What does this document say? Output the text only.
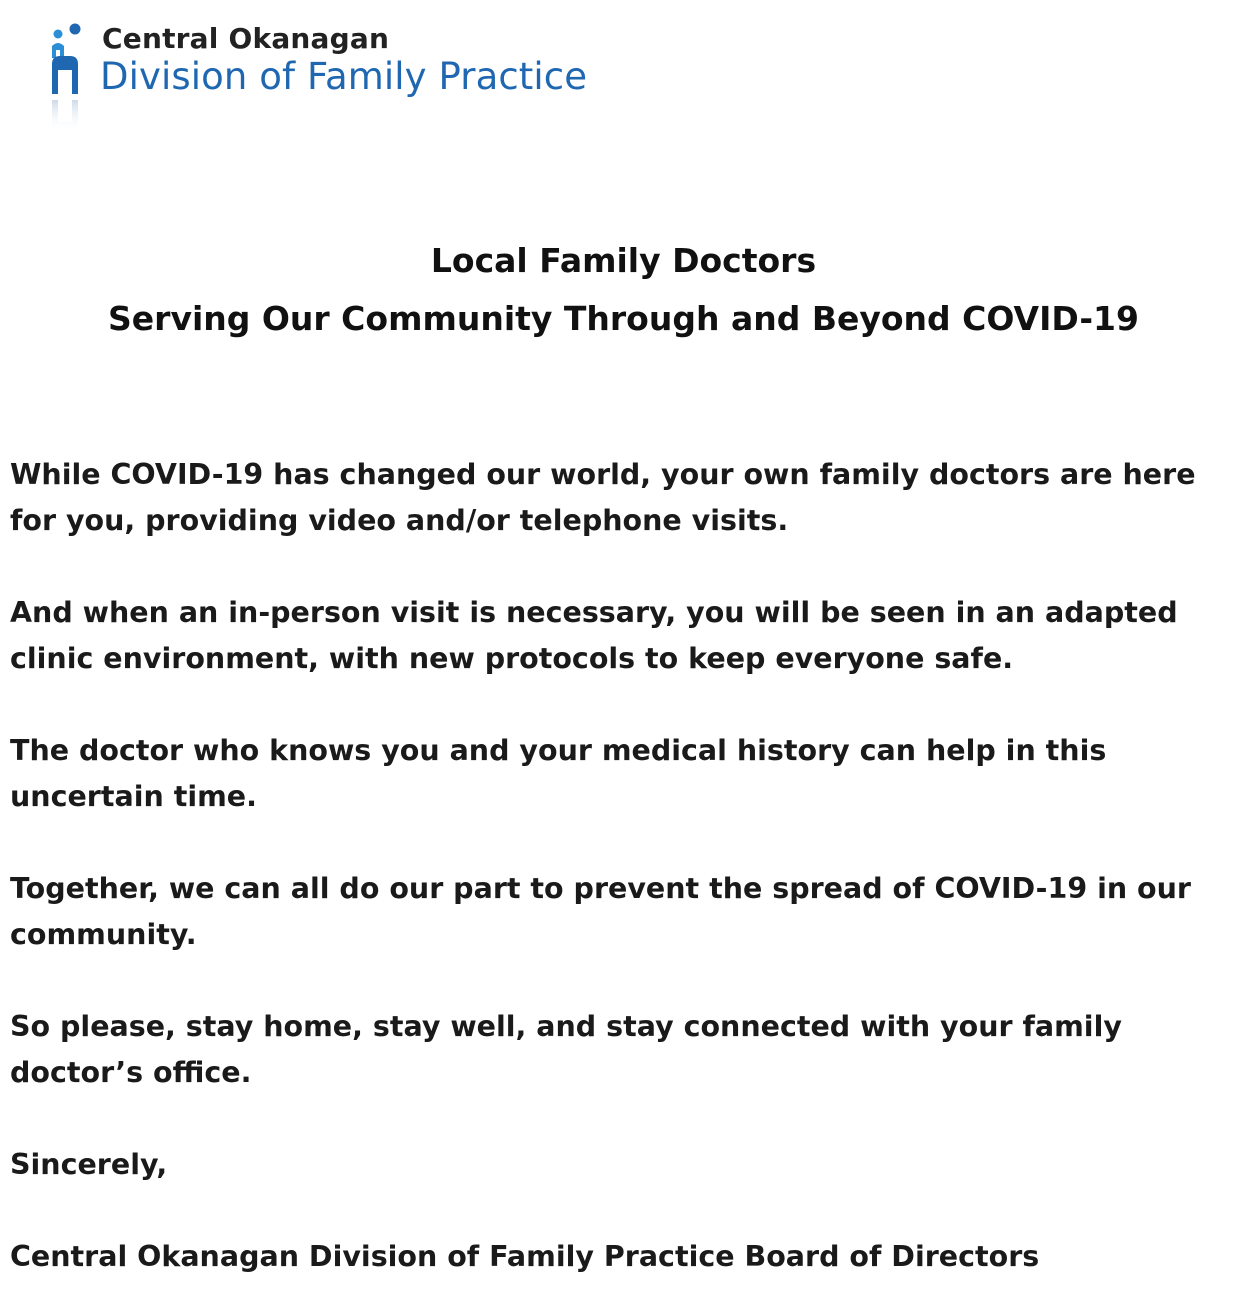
Central Okanagan
Division of Family Practice
Local Family Doctors
Serving Our Community Through and Beyond COVID-19

While COVID-19 has changed our world, your own family doctors are here for you, providing video and/or telephone visits.

And when an in-person visit is necessary, you will be seen in an adapted clinic environment, with new protocols to keep everyone safe.

The doctor who knows you and your medical history can help in this uncertain time.

Together, we can all do our part to prevent the spread of COVID-19 in our community.

So please, stay home, stay well, and stay connected with your family doctor’s office.

Sincerely,

Central Okanagan Division of Family Practice Board of Directors
